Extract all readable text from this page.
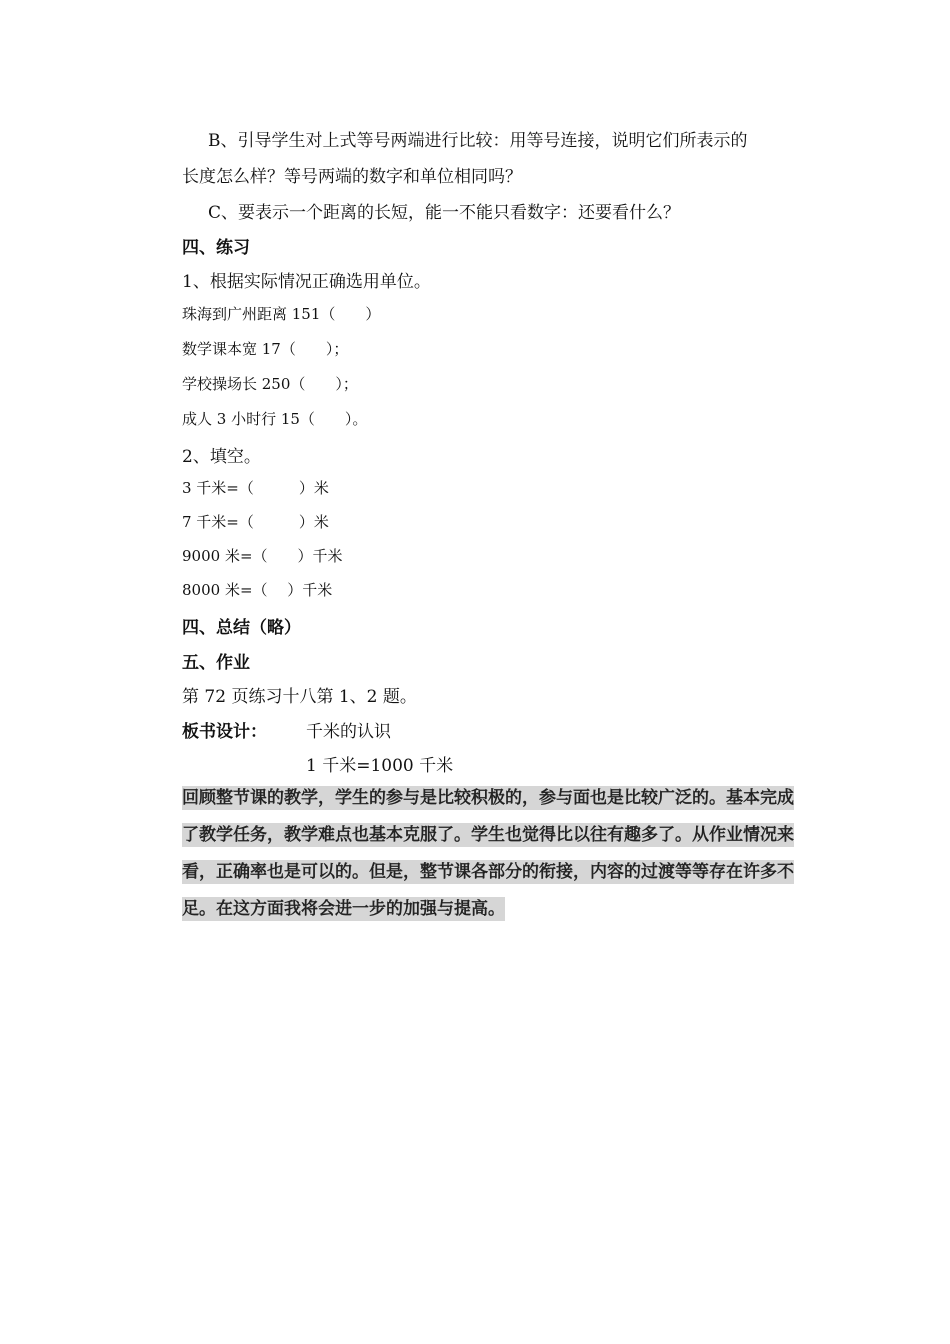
B、引导学生对上式等号两端进行比较：用等号连接，说明它们所表示的
长度怎么样？等号两端的数字和单位相同吗？
C、要表示一个距离的长短，能一不能只看数字：还要看什么？
四、练习
1、根据实际情况正确选用单位。
珠海到广州距离 151（　　）
数学课本宽 17（　　）；
学校操场长 250（　　）；
成人 3 小时行 15（　　）。
2、填空。
3 千米=（　　　）米
7 千米=（　　　）米
9000 米=（　　）千米
8000 米=（　 ）千米
四、总结（略）
五、作业
第 72 页练习十八第 1、2 题。
板书设计： 千米的认识
1 千米=1000 千米
回顾整节课的教学，学生的参与是比较积极的，参与面也是比较广泛的。基本完成了教学任务，教学难点也基本克服了。学生也觉得比以往有趣多了。从作业情况来看，正确率也是可以的。但是，整节课各部分的衔接，内容的过渡等等存在许多不足。在这方面我将会进一步的加强与提高。
